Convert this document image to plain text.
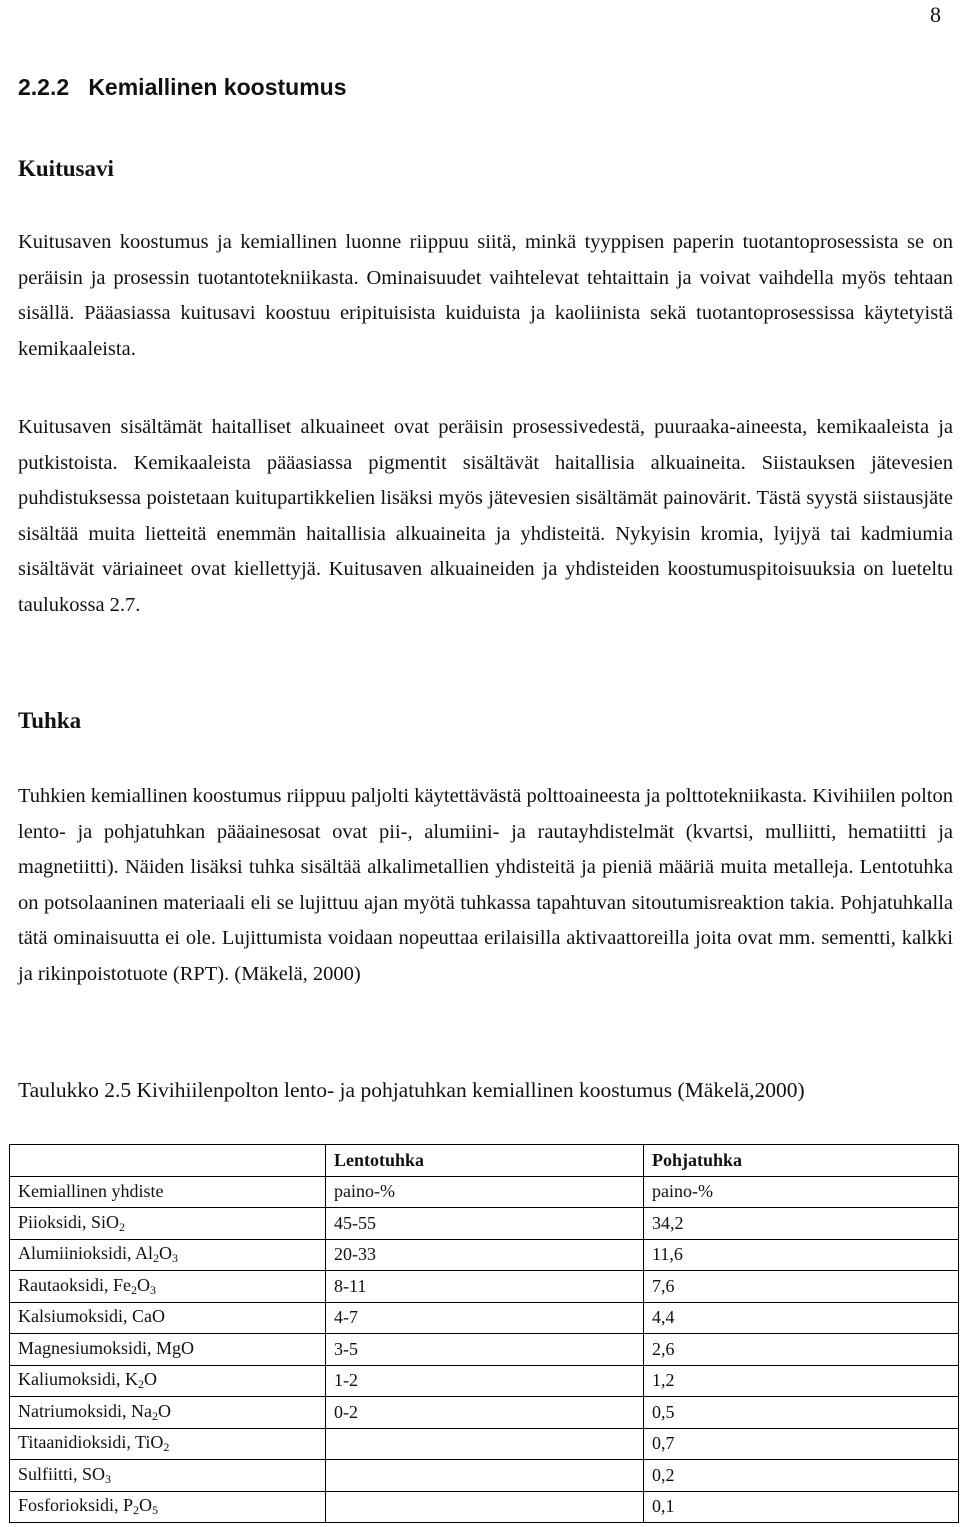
8
2.2.2   Kemiallinen koostumus
Kuitusavi

Kuitusaven koostumus ja kemiallinen luonne riippuu siitä, minkä tyyppisen paperin tuotantoprosessista se on peräisin ja prosessin tuotantotekniikasta. Ominaisuudet vaihtelevat tehtaittain ja voivat vaihdella myös tehtaan sisällä. Pääasiassa kuitusavi koostuu eripituisista kuiduista ja kaoliinista sekä tuotantoprosessissa käytetyistä kemikaaleista.

Kuitusaven sisältämät haitalliset alkuaineet ovat peräisin prosessivedestä, puuraaka-aineesta, kemikaaleista ja putkistoista. Kemikaaleista pääasiassa pigmentit sisältävät haitallisia alkuaineita. Siistauksen jätevesien puhdistuksessa poistetaan kuitupartikkelien lisäksi myös jätevesien sisältämät painovärit. Tästä syystä siistausjäte sisältää muita lietteitä enemmän haitallisia alkuaineita ja yhdisteitä. Nykyisin kromia, lyijyä tai kadmiumia sisältävät väriaineet ovat kiellettyjä. Kuitusaven alkuaineiden ja yhdisteiden koostumuspitoisuuksia on lueteltu taulukossa 2.7.

Tuhka

Tuhkien kemiallinen koostumus riippuu paljolti käytettävästä polttoaineesta ja polttotekniikasta. Kivihiilen polton lento- ja pohjatuhkan pääainesosat ovat pii-, alumiini- ja rautayhdistelmät (kvartsi, mulliitti, hematiitti ja magnetiitti). Näiden lisäksi tuhka sisältää alkalimetallien yhdisteitä ja pieniä määriä muita metalleja. Lentotuhka on potsolaaninen materiaali eli se lujittuu ajan myötä tuhkassa tapahtuvan sitoutumisreaktion takia. Pohjatuhkalla tätä ominaisuutta ei ole. Lujittumista voidaan nopeuttaa erilaisilla aktivaattoreilla joita ovat mm. sementti, kalkki ja rikinpoistotuote (RPT). (Mäkelä, 2000)

Taulukko 2.5 Kivihiilenpolton lento- ja pohjatuhkan kemiallinen koostumus (Mäkelä,2000)

	Lentotuhka	Pohjatuhka
Kemiallinen yhdiste	paino-%	paino-%
Piioksidi, SiO$_2$	45-55	34,2
Alumiinioksidi, $Al_2O_3$	20-33	11,6
Rautaoksidi, $Fe_2O_3$	8-11	7,6
Kalsiumoksidi, CaO	4-7	4,4
Magnesiumoksidi, MgO	3-5	2,6
Kaliumoksidi, $K_2O$	1-2	1,2
Natriumoksidi, $Na_2O$	0-2	0,5
Titaanidioksidi, TiO$_2$		0,7
Sulfiitti, $SO_3$		0,2
Fosforioksidi, $P_2O_5$		0,1
